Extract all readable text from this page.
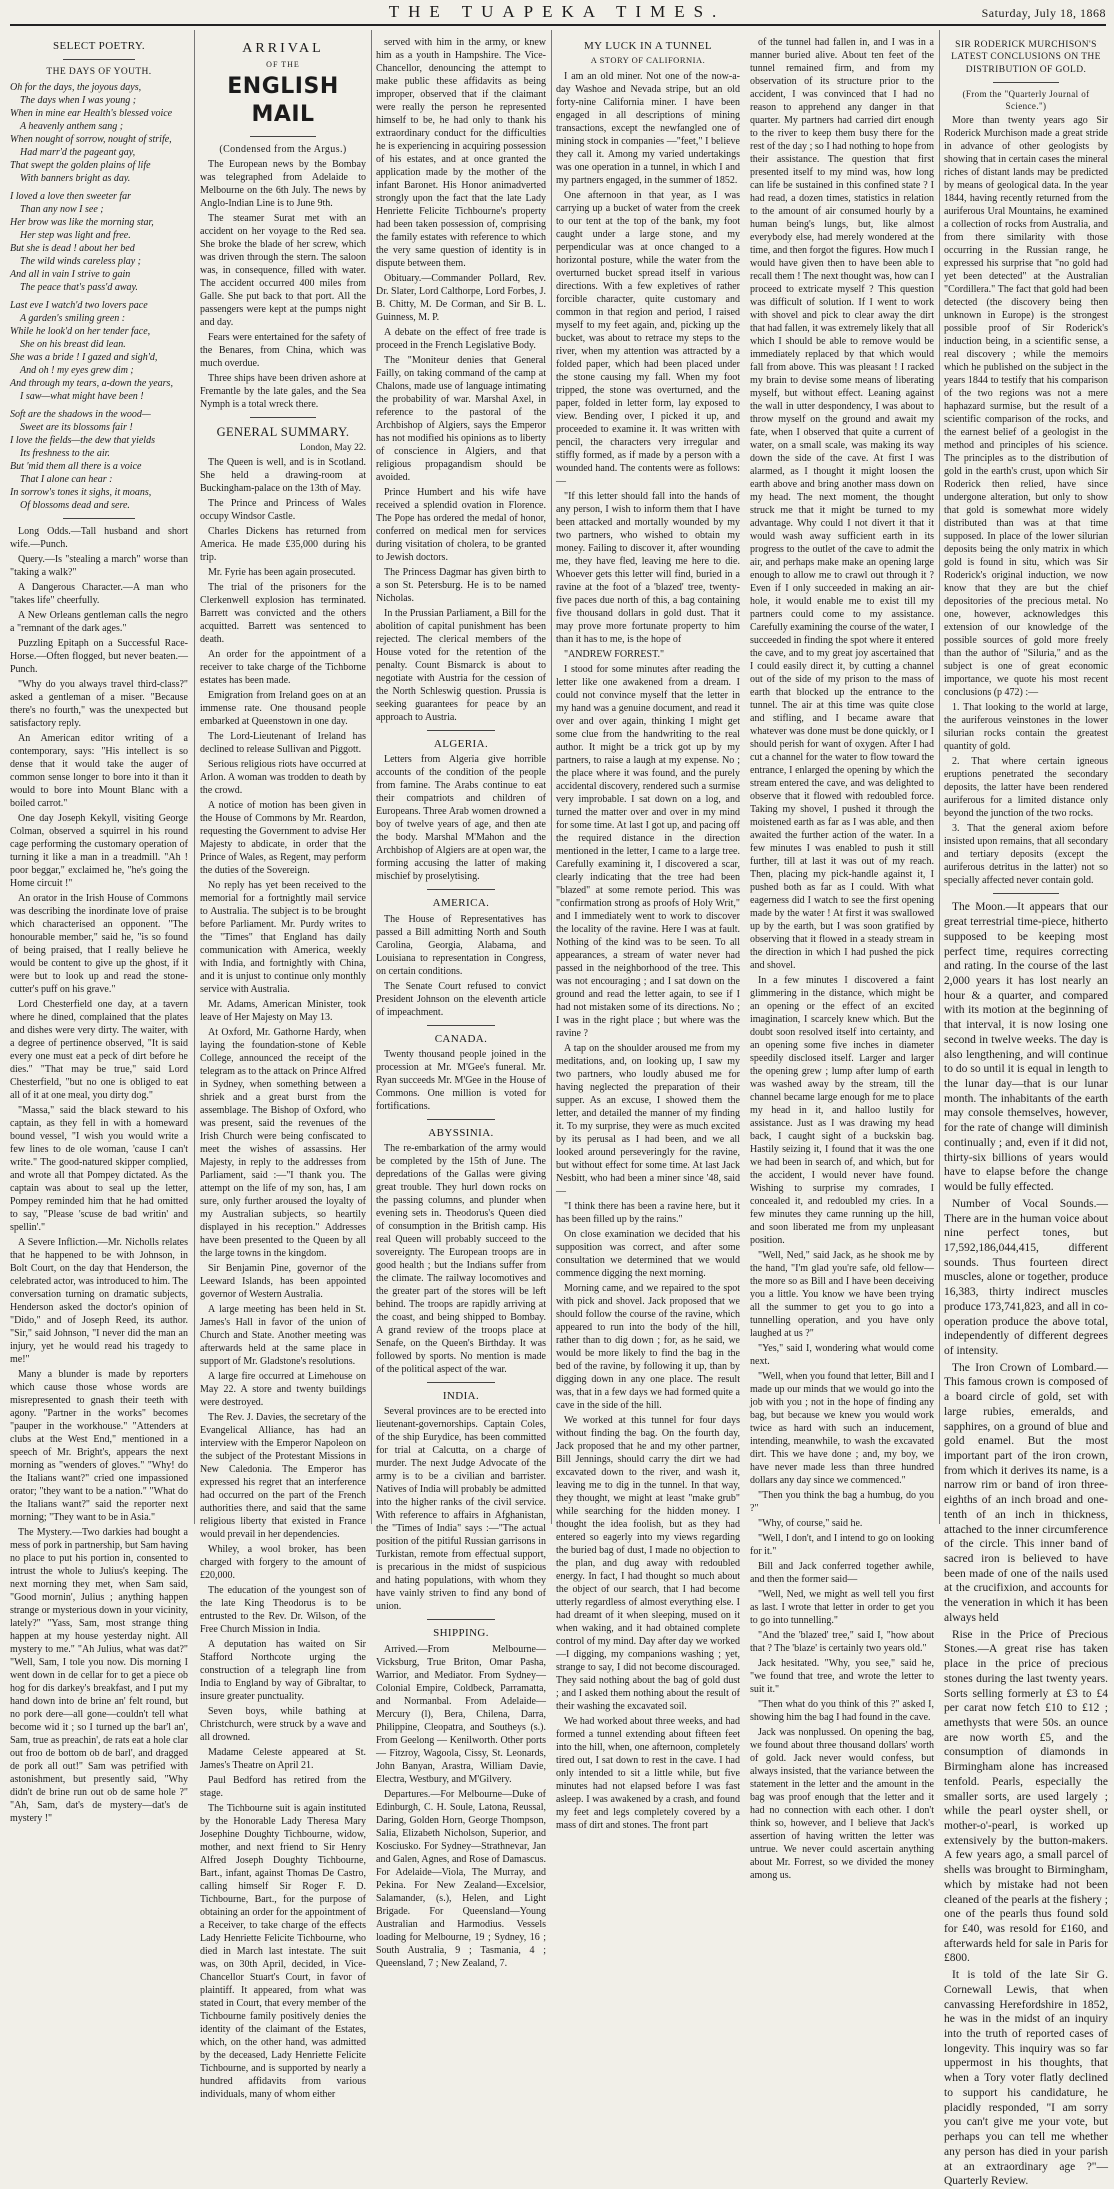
THE TUAPEKA TIMES.	Saturday, July 18, 1868
SELECT POETRY.
THE DAYS OF YOUTH.

Oh for the days, the joyous days,

The days when I was young ;

When in mine ear Health's blessed voice

A heavenly anthem sang ;

When nought of sorrow, nought of strife,

Had marr'd the pageant gay,

That swept the golden plains of life

With banners bright as day.

I loved a love then sweeter far

Than any now I see ;

Her brow was like the morning star,

Her step was light and free.

But she is dead ! about her bed

The wild winds careless play ;

And all in vain I strive to gain

The peace that's pass'd away.

Last eve I watch'd two lovers pace

A garden's smiling green :

While he look'd on her tender face,

She on his breast did lean.

She was a bride ! I gazed and sigh'd,

And oh ! my eyes grew dim ;

And through my tears, a-down the years,

I saw—what might have been !

Soft are the shadows in the wood—

Sweet are its blossoms fair !

I love the fields—the dew that yields

Its freshness to the air.

But 'mid them all there is a voice

That I alone can hear :

In sorrow's tones it sighs, it moans,

Of blossoms dead and sere.

Long Odds.—Tall husband and short wife.—Punch.

Query.—Is "stealing a march" worse than "taking a walk?"

A Dangerous Character.—A man who "takes life" cheerfully.

A New Orleans gentleman calls the negro a "remnant of the dark ages."

Puzzling Epitaph on a Successful Race-Horse.—Often flogged, but never beaten.—Punch.

"Why do you always travel third-class?" asked a gentleman of a miser. "Because there's no fourth," was the unexpected but satisfactory reply.

An American editor writing of a contemporary, says: "His intellect is so dense that it would take the auger of common sense longer to bore into it than it would to bore into Mount Blanc with a boiled carrot."

One day Joseph Kekyll, visiting George Colman, observed a squirrel in his round cage performing the customary operation of turning it like a man in a treadmill. "Ah ! poor beggar," exclaimed he, "he's going the Home circuit !"

An orator in the Irish House of Commons was describing the inordinate love of praise which characterised an opponent. "The honourable member," said he, "is so found of being praised, that I really believe he would be content to give up the ghost, if it were but to look up and read the stone-cutter's puff on his grave."

Lord Chesterfield one day, at a tavern where he dined, complained that the plates and dishes were very dirty. The waiter, with a degree of pertinence observed, "It is said every one must eat a peck of dirt before he dies." "That may be true," said Lord Chesterfield, "but no one is obliged to eat all of it at one meal, you dirty dog."

"Massa," said the black steward to his captain, as they fell in with a homeward bound vessel, "I wish you would write a few lines to de ole woman, 'cause I can't write." The good-natured skipper complied, and wrote all that Pompey dictated. As the captain was about to seal up the letter, Pompey reminded him that he had omitted to say, "Please 'scuse de bad writin' and spellin'."

A Severe Infliction.—Mr. Nicholls relates that he happened to be with Johnson, in Bolt Court, on the day that Henderson, the celebrated actor, was introduced to him. The conversation turning on dramatic subjects, Henderson asked the doctor's opinion of "Dido," and of Joseph Reed, its author. "Sir," said Johnson, "I never did the man an injury, yet he would read his tragedy to me!"

Many a blunder is made by reporters which cause those whose words are misrepresented to gnash their teeth with agony. "Partner in the works" becomes "pauper in the workhouse." "Attenders at clubs at the West End," mentioned in a speech of Mr. Bright's, appears the next morning as "wenders of gloves." "Why! do the Italians want?" cried one impassioned orator; "they want to be a nation." "What do the Italians want?" said the reporter next morning; "They want to be in Asia."

The Mystery.—Two darkies had bought a mess of pork in partnership, but Sam having no place to put his portion in, consented to intrust the whole to Julius's keeping. The next morning they met, when Sam said, "Good mornin', Julius ; anything happen strange or mysterious down in your vicinity, lately?" "Yass, Sam, most strange thing happen at my house yesterday night. All mystery to me." "Ah Julius, what was dat?" "Well, Sam, I tole you now. Dis morning I went down in de cellar for to get a piece ob hog for dis darkey's breakfast, and I put my hand down into de brine an' felt round, but no pork dere—all gone—couldn't tell what become wid it ; so I turned up the bar'l an', Sam, true as preachin', de rats eat a hole clar out froo de bottom ob de barl', and dragged de pork all out!" Sam was petrified with astonishment, but presently said, "Why didn't de brine run out ob de same hole ?" "Ah, Sam, dat's de mystery—dat's de mystery !"

ARRIVAL
OF THE
ENGLISH MAIL
(Condensed from the Argus.)

The European news by the Bombay was telegraphed from Adelaide to Melbourne on the 6th July. The news by Anglo-Indian Line is to June 9th.

The steamer Surat met with an accident on her voyage to the Red sea. She broke the blade of her screw, which was driven through the stern. The saloon was, in consequence, filled with water. The accident occurred 400 miles from Galle. She put back to that port. All the passengers were kept at the pumps night and day.

Fears were entertained for the safety of the Benares, from China, which was much overdue.

Three ships have been driven ashore at Fremantle by the late gales, and the Sea Nymph is a total wreck there.

GENERAL SUMMARY.
London, May 22.

The Queen is well, and is in Scotland. She held a drawing-room at Buckingham-palace on the 13th of May.

The Prince and Princess of Wales occupy Windsor Castle.

Charles Dickens has returned from America. He made £35,000 during his trip.

Mr. Fyrie has been again prosecuted.

The trial of the prisoners for the Clerkenwell explosion has terminated. Barrett was convicted and the others acquitted. Barrett was sentenced to death.

An order for the appointment of a receiver to take charge of the Tichborne estates has been made.

Emigration from Ireland goes on at an immense rate. One thousand people embarked at Queenstown in one day.

The Lord-Lieutenant of Ireland has declined to release Sullivan and Piggott.

Serious religious riots have occurred at Arlon. A woman was trodden to death by the crowd.

A notice of motion has been given in the House of Commons by Mr. Reardon, requesting the Government to advise Her Majesty to abdicate, in order that the Prince of Wales, as Regent, may perform the duties of the Sovereign.

No reply has yet been received to the memorial for a fortnightly mail service to Australia. The subject is to be brought before Parliament. Mr. Purdy writes to the "Times" that England has daily communication with America, weekly with India, and fortnightly with China, and it is unjust to continue only monthly service with Australia.

Mr. Adams, American Minister, took leave of Her Majesty on May 13.

At Oxford, Mr. Gathorne Hardy, when laying the foundation-stone of Keble College, announced the receipt of the telegram as to the attack on Prince Alfred in Sydney, when something between a shriek and a great burst from the assemblage. The Bishop of Oxford, who was present, said the revenues of the Irish Church were being confiscated to meet the wishes of assassins. Her Majesty, in reply to the addresses from Parliament, said :—"I thank you. The attempt on the life of my son, has, I am sure, only further aroused the loyalty of my Australian subjects, so heartily displayed in his reception." Addresses have been presented to the Queen by all the large towns in the kingdom.

Sir Benjamin Pine, governor of the Leeward Islands, has been appointed governor of Western Australia.

A large meeting has been held in St. James's Hall in favor of the union of Church and State. Another meeting was afterwards held at the same place in support of Mr. Gladstone's resolutions.

A large fire occurred at Limehouse on May 22. A store and twenty buildings were destroyed.

The Rev. J. Davies, the secretary of the Evangelical Alliance, has had an interview with the Emperor Napoleon on the subject of the Protestant Missions in New Caledonia. The Emperor has expressed his regret that an interference had occurred on the part of the French authorities there, and said that the same religious liberty that existed in France would prevail in her dependencies.

Whiley, a wool broker, has been charged with forgery to the amount of £20,000.

The education of the youngest son of the late King Theodorus is to be entrusted to the Rev. Dr. Wilson, of the Free Church Mission in India.

A deputation has waited on Sir Stafford Northcote urging the construction of a telegraph line from India to England by way of Gibraltar, to insure greater punctuality.

Seven boys, while bathing at Christchurch, were struck by a wave and all drowned.

Madame Celeste appeared at St. James's Theatre on April 21.

Paul Bedford has retired from the stage.

The Tichbourne suit is again instituted by the Honorable Lady Theresa Mary Josephine Doughty Tichbourne, widow, mother, and next friend to Sir Henry Alfred Joseph Doughty Tichbourne, Bart., infant, against Thomas De Castro, calling himself Sir Roger F. D. Tichbourne, Bart., for the purpose of obtaining an order for the appointment of a Receiver, to take charge of the effects Lady Henriette Felicite Tichbourne, who died in March last intestate. The suit was, on 30th April, decided, in Vice-Chancellor Stuart's Court, in favor of plaintiff. It appeared, from what was stated in Court, that every member of the Tichbourne family positively denies the identity of the claimant of the Estates, which, on the other hand, was admitted by the deceased, Lady Henriette Felicite Tichbourne, and is supported by nearly a hundred affidavits from various individuals, many of whom either

served with him in the army, or knew him as a youth in Hampshire. The Vice-Chancellor, denouncing the attempt to make public these affidavits as being improper, observed that if the claimant were really the person he represented himself to be, he had only to thank his extraordinary conduct for the difficulties he is experiencing in acquiring possession of his estates, and at once granted the application made by the mother of the infant Baronet. His Honor animadverted strongly upon the fact that the late Lady Henriette Felicite Tichbourne's property had been taken possession of, comprising the family estates with reference to which the very same question of identity is in dispute between them.

Obituary.—Commander Pollard, Rev. Dr. Slater, Lord Calthorpe, Lord Forbes, J. B. Chitty, M. De Corman, and Sir B. L. Guinness, M. P.

A debate on the effect of free trade is proceed in the French Legislative Body.

The "Moniteur denies that General Failly, on taking command of the camp at Chalons, made use of language intimating the probability of war. Marshal Axel, in reference to the pastoral of the Archbishop of Algiers, says the Emperor has not modified his opinions as to liberty of conscience in Algiers, and that religious propagandism should be avoided.

Prince Humbert and his wife have received a splendid ovation in Florence. The Pope has ordered the medal of honor, conferred on medical men for services during visitation of cholera, to be granted to Jewish doctors.

The Princess Dagmar has given birth to a son St. Petersburg. He is to be named Nicholas.

In the Prussian Parliament, a Bill for the abolition of capital punishment has been rejected. The clerical members of the House voted for the retention of the penalty. Count Bismarck is about to negotiate with Austria for the cession of the North Schleswig question. Prussia is seeking guarantees for peace by an approach to Austria.

ALGERIA.

Letters from Algeria give horrible accounts of the condition of the people from famine. The Arabs continue to eat their compatriots and children of Europeans. Three Arab women drowned a boy of twelve years of age, and then ate the body. Marshal M'Mahon and the Archbishop of Algiers are at open war, the forming accusing the latter of making mischief by proselytising.

AMERICA.

The House of Representatives has passed a Bill admitting North and South Carolina, Georgia, Alabama, and Louisiana to representation in Congress, on certain conditions.

The Senate Court refused to convict President Johnson on the eleventh article of impeachment.

CANADA.

Twenty thousand people joined in the procession at Mr. M'Gee's funeral. Mr. Ryan succeeds Mr. M'Gee in the House of Commons. One million is voted for fortifications.

ABYSSINIA.

The re-embarkation of the army would be completed by the 15th of June. The depredations of the Gallas were giving great trouble. They hurl down rocks on the passing columns, and plunder when evening sets in. Theodorus's Queen died of consumption in the British camp. His real Queen will probably succeed to the sovereignty. The European troops are in good health ; but the Indians suffer from the climate. The railway locomotives and the greater part of the stores will be left behind. The troops are rapidly arriving at the coast, and being shipped to Bombay. A grand review of the troops place at Senafe, on the Queen's Birthday. It was followed by sports. No mention is made of the political aspect of the war.

INDIA.

Several provinces are to be erected into lieutenant-governorships. Captain Coles, of the ship Eurydice, has been committed for trial at Calcutta, on a charge of murder. The next Judge Advocate of the army is to be a civilian and barrister. Natives of India will probably be admitted into the higher ranks of the civil service. With reference to affairs in Afghanistan, the "Times of India" says :—"The actual position of the pitiful Russian garrisons in Turkistan, remote from effectual support, is precarious in the midst of suspicious and hating populations, with whom they have vainly striven to find any bond of union.

SHIPPING.

Arrived.—From Melbourne—Vicksburg, True Briton, Omar Pasha, Warrior, and Mediator. From Sydney—Colonial Empire, Coldbeck, Parramatta, and Normanbal. From Adelaide—Mercury (l), Bera, Chilena, Darra, Philippine, Cleopatra, and Southeys (s.). From Geelong — Kenilworth. Other ports — Fitzroy, Wagoola, Cissy, St. Leonards, John Banyan, Arastra, William Davie, Electra, Westbury, and M'Gilvery.

Departures.—For Melbourne—Duke of Edinburgh, C. H. Soule, Latona, Reussal, Daring, Golden Horn, George Thompson, Salia, Elizabeth Nicholson, Superior, and Kosciusko. For Sydney—Strathnevar, Jan and Galen, Agnes, and Rose of Damascus. For Adelaide—Viola, The Murray, and Pekina. For New Zealand—Excelsior, Salamander, (s.), Helen, and Light Brigade. For Queensland—Young Australian and Harmodius. Vessels loading for Melbourne, 19 ; Sydney, 16 ; South Australia, 9 ; Tasmania, 4 ; Queensland, 7 ; New Zealand, 7.

MY LUCK IN A TUNNEL
A STORY OF CALIFORNIA.

I am an old miner. Not one of the now-a-day Washoe and Nevada stripe, but an old forty-nine California miner. I have been engaged in all descriptions of mining transactions, except the newfangled one of mining stock in companies —"feet," I believe they call it. Among my varied undertakings was one operation in a tunnel, in which I and my partners engaged, in the summer of 1852.

One afternoon in that year, as I was carrying up a bucket of water from the creek to our tent at the top of the bank, my foot caught under a large stone, and my perpendicular was at once changed to a horizontal posture, while the water from the overturned bucket spread itself in various directions. With a few expletives of rather forcible character, quite customary and common in that region and period, I raised myself to my feet again, and, picking up the bucket, was about to retrace my steps to the river, when my attention was attracted by a folded paper, which had been placed under the stone causing my fall. When my foot tripped, the stone was overturned, and the paper, folded in letter form, lay exposed to view. Bending over, I picked it up, and proceeded to examine it. It was written with pencil, the characters very irregular and stiffly formed, as if made by a person with a wounded hand. The contents were as follows:—

"If this letter should fall into the hands of any person, I wish to inform them that I have been attacked and mortally wounded by my two partners, who wished to obtain my money. Failing to discover it, after wounding me, they have fled, leaving me here to die. Whoever gets this letter will find, buried in a ravine at the foot of a 'blazed' tree, twenty-five paces due north of this, a bag containing five thousand dollars in gold dust. That it may prove more fortunate property to him than it has to me, is the hope of

"ANDREW FORREST."

I stood for some minutes after reading the letter like one awakened from a dream. I could not convince myself that the letter in my hand was a genuine document, and read it over and over again, thinking I might get some clue from the handwriting to the real author. It might be a trick got up by my partners, to raise a laugh at my expense. No ; the place where it was found, and the purely accidental discovery, rendered such a surmise very improbable. I sat down on a log, and turned the matter over and over in my mind for some time. At last I got up, and pacing off the required distance in the direction mentioned in the letter, I came to a large tree. Carefully examining it, I discovered a scar, clearly indicating that the tree had been "blazed" at some remote period. This was "confirmation strong as proofs of Holy Writ," and I immediately went to work to discover the locality of the ravine. Here I was at fault. Nothing of the kind was to be seen. To all appearances, a stream of water never had passed in the neighborhood of the tree. This was not encouraging ; and I sat down on the ground and read the letter again, to see if I had not mistaken some of its directions. No ; I was in the right place ; but where was the ravine ?

A tap on the shoulder aroused me from my meditations, and, on looking up, I saw my two partners, who loudly abused me for having neglected the preparation of their supper. As an excuse, I showed them the letter, and detailed the manner of my finding it. To my surprise, they were as much excited by its perusal as I had been, and we all looked around perseveringly for the ravine, but without effect for some time. At last Jack Nesbitt, who had been a miner since '48, said—

"I think there has been a ravine here, but it has been filled up by the rains."

On close examination we decided that his supposition was correct, and after some consultation we determined that we would commence digging the next morning.

Morning came, and we repaired to the spot with pick and shovel. Jack proposed that we should follow the course of the ravine, which appeared to run into the body of the hill, rather than to dig down ; for, as he said, we would be more likely to find the bag in the bed of the ravine, by following it up, than by digging down in any one place. The result was, that in a few days we had formed quite a cave in the side of the hill.

We worked at this tunnel for four days without finding the bag. On the fourth day, Jack proposed that he and my other partner, Bill Jennings, should carry the dirt we had excavated down to the river, and wash it, leaving me to dig in the tunnel. In that way, they thought, we might at least "make grub" while searching for the hidden money. I thought the idea foolish, but as they had entered so eagerly into my views regarding the buried bag of dust, I made no objection to the plan, and dug away with redoubled energy. In fact, I had thought so much about the object of our search, that I had become utterly regardless of almost everything else. I had dreamt of it when sleeping, mused on it when waking, and it had obtained complete control of my mind. Day after day we worked—I digging, my companions washing ; yet, strange to say, I did not become discouraged. They said nothing about the bag of gold dust ; and I asked them nothing about the result of their washing the excavated soil.

We had worked about three weeks, and had formed a tunnel extending about fifteen feet into the hill, when, one afternoon, completely tired out, I sat down to rest in the cave. I had only intended to sit a little while, but five minutes had not elapsed before I was fast asleep. I was awakened by a crash, and found my feet and legs completely covered by a mass of dirt and stones. The front part

of the tunnel had fallen in, and I was in a manner buried alive. About ten feet of the tunnel remained firm, and from my observation of its structure prior to the accident, I was convinced that I had no reason to apprehend any danger in that quarter. My partners had carried dirt enough to the river to keep them busy there for the rest of the day ; so I had nothing to hope from their assistance. The question that first presented itself to my mind was, how long can life be sustained in this confined state ? I had read, a dozen times, statistics in relation to the amount of air consumed hourly by a human being's lungs, but, like almost everybody else, had merely wondered at the time, and then forgot the figures. How much I would have given then to have been able to recall them ! The next thought was, how can I proceed to extricate myself ? This question was difficult of solution. If I went to work with shovel and pick to clear away the dirt that had fallen, it was extremely likely that all which I should be able to remove would be immediately replaced by that which would fall from above. This was pleasant ! I racked my brain to devise some means of liberating myself, but without effect. Leaning against the wall in utter despondency, I was about to throw myself on the ground and await my fate, when I observed that quite a current of water, on a small scale, was making its way down the side of the cave. At first I was alarmed, as I thought it might loosen the earth above and bring another mass down on my head. The next moment, the thought struck me that it might be turned to my advantage. Why could I not divert it that it would wash away sufficient earth in its progress to the outlet of the cave to admit the air, and perhaps make make an opening large enough to allow me to crawl out through it ? Even if I only succeeded in making an air-hole, it would enable me to exist till my partners could come to my assistance. Carefully examining the course of the water, I succeeded in finding the spot where it entered the cave, and to my great joy ascertained that I could easily direct it, by cutting a channel out of the side of my prison to the mass of earth that blocked up the entrance to the tunnel. The air at this time was quite close and stifling, and I became aware that whatever was done must be done quickly, or I should perish for want of oxygen. After I had cut a channel for the water to flow toward the entrance, I enlarged the opening by which the stream entered the cave, and was delighted to observe that it flowed with redoubled force. Taking my shovel, I pushed it through the moistened earth as far as I was able, and then awaited the further action of the water. In a few minutes I was enabled to push it still further, till at last it was out of my reach. Then, placing my pick-handle against it, I pushed both as far as I could. With what eagerness did I watch to see the first opening made by the water ! At first it was swallowed up by the earth, but I was soon gratified by observing that it flowed in a steady stream in the direction in which I had pushed the pick and shovel.

In a few minutes I discovered a faint glimmering in the distance, which might be an opening or the effect of an excited imagination, I scarcely knew which. But the doubt soon resolved itself into certainty, and an opening some five inches in diameter speedily disclosed itself. Larger and larger the opening grew ; lump after lump of earth was washed away by the stream, till the channel became large enough for me to place my head in it, and halloo lustily for assistance. Just as I was drawing my head back, I caught sight of a buckskin bag. Hastily seizing it, I found that it was the one we had been in search of, and which, but for the accident, I would never have found. Wishing to surprise my comrades, I concealed it, and redoubled my cries. In a few minutes they came running up the hill, and soon liberated me from my unpleasant position.

"Well, Ned," said Jack, as he shook me by the hand, "I'm glad you're safe, old fellow—the more so as Bill and I have been deceiving you a little. You know we have been trying all the summer to get you to go into a tunnelling operation, and you have only laughed at us ?"

"Yes," said I, wondering what would come next.

"Well, when you found that letter, Bill and I made up our minds that we would go into the job with you ; not in the hope of finding any bag, but because we knew you would work twice as hard with such an inducement, intending, meanwhile, to wash the excavated dirt. This we have done ; and, my boy, we have never made less than three hundred dollars any day since we commenced."

"Then you think the bag a humbug, do you ?"

"Why, of course," said he.

"Well, I don't, and I intend to go on looking for it."

Bill and Jack conferred together awhile, and then the former said—

"Well, Ned, we might as well tell you first as last. I wrote that letter in order to get you to go into tunnelling."

"And the 'blazed' tree," said I, "how about that ? The 'blaze' is certainly two years old."

Jack hesitated. "Why, you see," said he, "we found that tree, and wrote the letter to suit it."

"Then what do you think of this ?" asked I, showing him the bag I had found in the cave.

Jack was nonplussed. On opening the bag, we found about three thousand dollars' worth of gold. Jack never would confess, but always insisted, that the variance between the statement in the letter and the amount in the bag was proof enough that the letter and it had no connection with each other. I don't think so, however, and I believe that Jack's assertion of having written the letter was untrue. We never could ascertain anything about Mr. Forrest, so we divided the money among us.

SIR RODERICK MURCHISON'S LATEST CONCLUSIONS ON THE DISTRIBUTION OF GOLD.
(From the "Quarterly Journal of Science.")

More than twenty years ago Sir Roderick Murchison made a great stride in advance of other geologists by showing that in certain cases the mineral riches of distant lands may be predicted by means of geological data. In the year 1844, having recently returned from the auriferous Ural Mountains, he examined a collection of rocks from Australia, and from there similarity with those occurring in the Russian range, he expressed his surprise that "no gold had yet been detected" at the Australian "Cordillera." The fact that gold had been detected (the discovery being then unknown in Europe) is the strongest possible proof of Sir Roderick's induction being, in a scientific sense, a real discovery ; while the memoirs which he published on the subject in the years 1844 to testify that his comparison of the two regions was not a mere haphazard surmise, but the result of a scientific comparison of the rocks, and the earnest belief of a geologist in the method and principles of his science. The principles as to the distribution of gold in the earth's crust, upon which Sir Roderick then relied, have since undergone alteration, but only to show that gold is somewhat more widely distributed than was at that time supposed. In place of the lower silurian deposits being the only matrix in which gold is found in situ, which was Sir Roderick's original induction, we now know that they are but the chief depositories of the precious metal. No one, however, acknowledges this extension of our knowledge of the possible sources of gold more freely than the author of "Siluria," and as the subject is one of great economic importance, we quote his most recent conclusions (p 472) :—

1. That looking to the world at large, the auriferous veinstones in the lower silurian rocks contain the greatest quantity of gold.

2. That where certain igneous eruptions penetrated the secondary deposits, the latter have been rendered auriferous for a limited distance only beyond the junction of the two rocks.

3. That the general axiom before insisted upon remains, that all secondary and tertiary deposits (except the auriferous detritus in the latter) not so specially affected never contain gold.

The Moon.—It appears that our great terrestrial time-piece, hitherto supposed to be keeping most perfect time, requires correcting and rating. In the course of the last 2,000 years it has lost nearly an hour & a quarter, and compared with its motion at the beginning of that interval, it is now losing one second in twelve weeks. The day is also lengthening, and will continue to do so until it is equal in length to the lunar day—that is our lunar month. The inhabitants of the earth may console themselves, however, for the rate of change will diminish continually ; and, even if it did not, thirty-six billions of years would have to elapse before the change would be fully effected.

Number of Vocal Sounds.—There are in the human voice about nine perfect tones, but 17,592,186,044,415, different sounds. Thus fourteen direct muscles, alone or together, produce 16,383, thirty indirect muscles produce 173,741,823, and all in co-operation produce the above total, independently of different degrees of intensity.

The Iron Crown of Lombard.—This famous crown is composed of a board circle of gold, set with large rubies, emeralds, and sapphires, on a ground of blue and gold enamel. But the most important part of the iron crown, from which it derives its name, is a narrow rim or band of iron three-eighths of an inch broad and one-tenth of an inch in thickness, attached to the inner circumference of the circle. This inner band of sacred iron is believed to have been made of one of the nails used at the crucifixion, and accounts for the veneration in which it has been always held

Rise in the Price of Precious Stones.—A great rise has taken place in the price of precious stones during the last twenty years. Sorts selling formerly at £3 to £4 per carat now fetch £10 to £12 ; amethysts that were 50s. an ounce are now worth £5, and the consumption of diamonds in Birmingham alone has increased tenfold. Pearls, especially the smaller sorts, are used largely ; while the pearl oyster shell, or mother-o'-pearl, is worked up extensively by the button-makers. A few years ago, a small parcel of shells was brought to Birmingham, which by mistake had not been cleaned of the pearls at the fishery ; one of the pearls thus found sold for £40, was resold for £160, and afterwards held for sale in Paris for £800.

It is told of the late Sir G. Cornewall Lewis, that when canvassing Herefordshire in 1852, he was in the midst of an inquiry into the truth of reported cases of longevity. This inquiry was so far uppermost in his thoughts, that when a Tory voter flatly declined to support his candidature, he placidly responded, "I am sorry you can't give me your vote, but perhaps you can tell me whether any person has died in your parish at an extraordinary age ?"—Quarterly Review.
